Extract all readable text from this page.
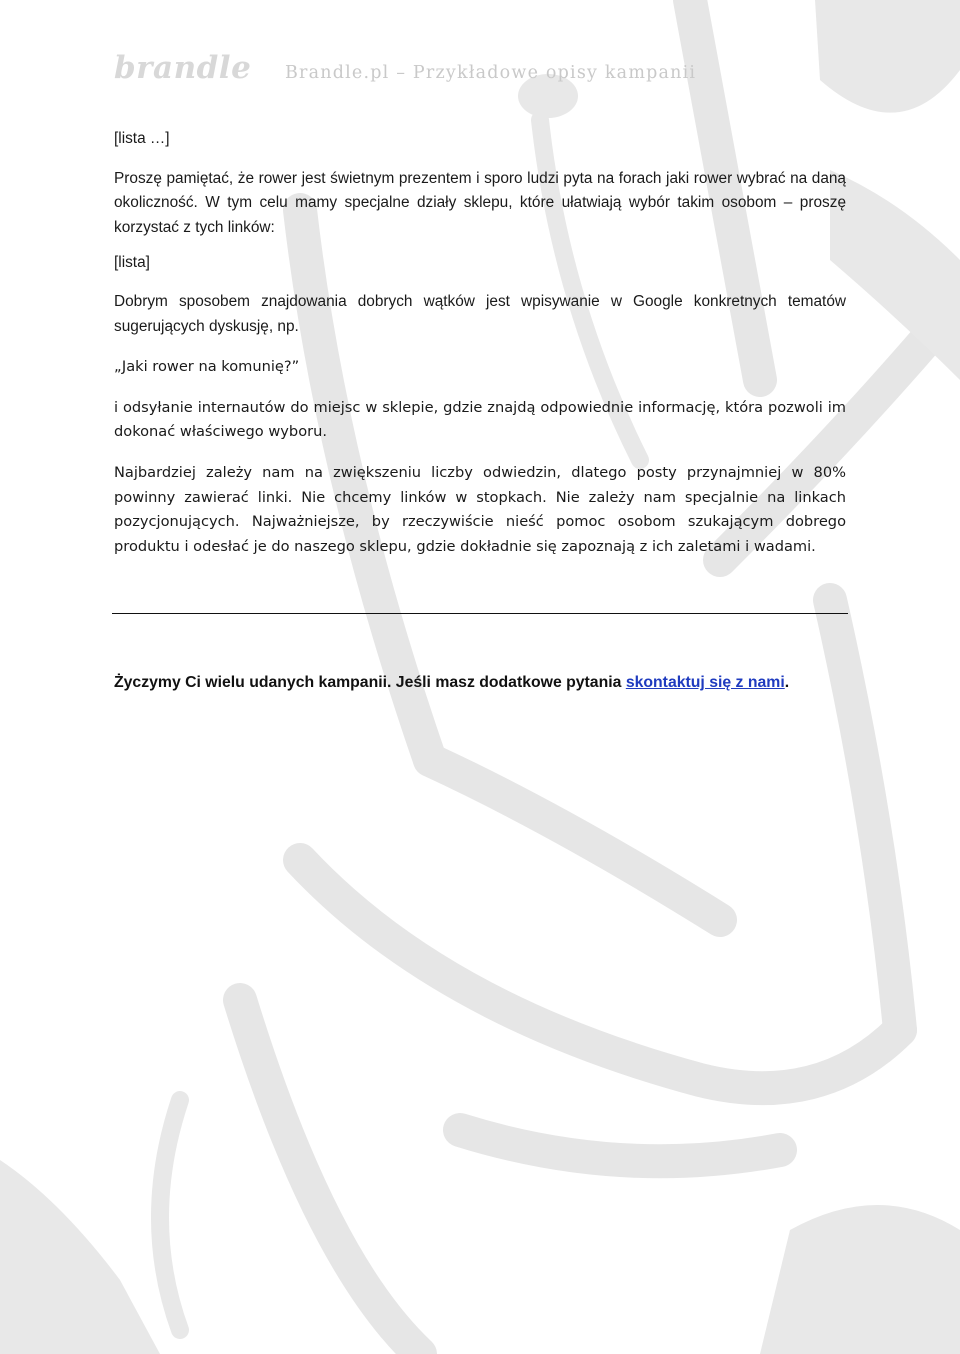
brandle Brandle.pl – Przykładowe opisy kampanii

[lista …]

Proszę pamiętać, że rower jest świetnym prezentem i sporo ludzi pyta na forach jaki rower wybrać na daną okoliczność. W tym celu mamy specjalne działy sklepu, które ułatwiają wybór takim osobom – proszę korzystać z tych linków:

[lista]

Dobrym sposobem znajdowania dobrych wątków jest wpisywanie w Google konkretnych tematów sugerujących dyskusję, np.

„Jaki rower na komunię?”

i odsyłanie internautów do miejsc w sklepie, gdzie znajdą odpowiednie informację, która pozwoli im dokonać właściwego wyboru.

Najbardziej zależy nam na zwiększeniu liczby odwiedzin, dlatego posty przynajmniej w 80% powinny zawierać linki. Nie chcemy linków w stopkach. Nie zależy nam specjalnie na linkach pozycjonujących. Najważniejsze, by rzeczywiście nieść pomoc osobom szukającym dobrego produktu i odesłać je do naszego sklepu, gdzie dokładnie się zapoznają z ich zaletami i wadami.

Życzymy Ci wielu udanych kampanii. Jeśli masz dodatkowe pytania skontaktuj się z nami.
